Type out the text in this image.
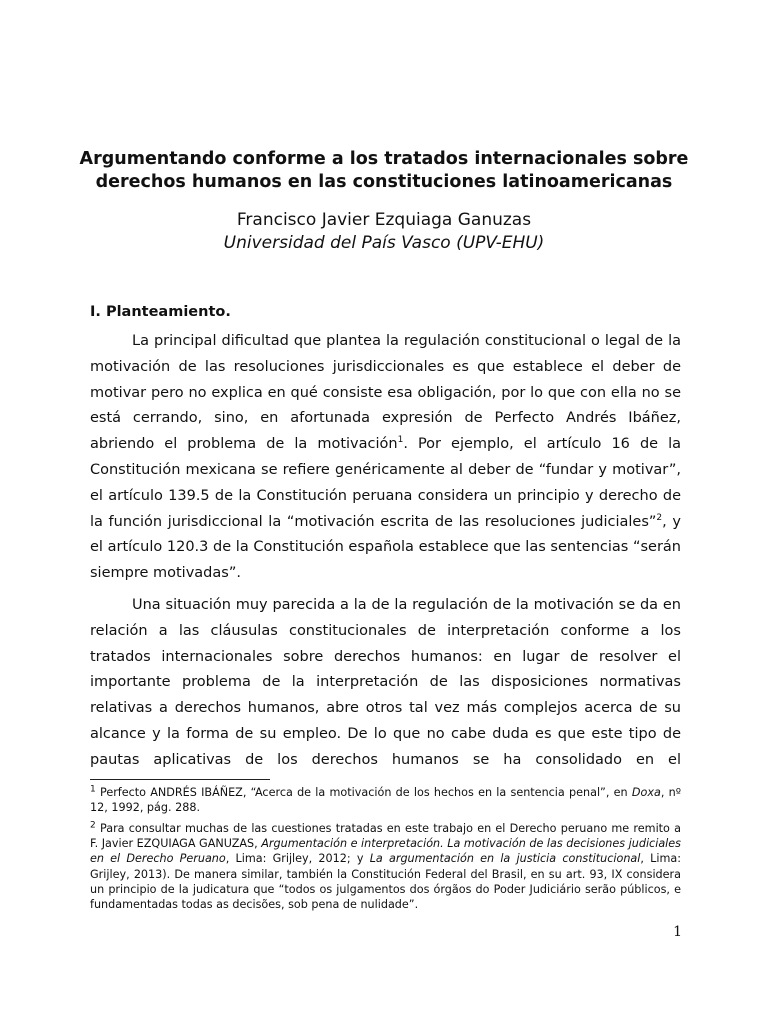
Argumentando conforme a los tratados internacionales sobre
derechos humanos en las constituciones latinoamericanas
Francisco Javier Ezquiaga Ganuzas
Universidad del País Vasco (UPV-EHU)
I. Planteamiento.

La principal dificultad que plantea la regulación constitucional o legal de la motivación de las resoluciones jurisdiccionales es que establece el deber de motivar pero no explica en qué consiste esa obligación, por lo que con ella no se está cerrando, sino, en afortunada expresión de Perfecto Andrés Ibáñez, abriendo el problema de la motivación$^1$. Por ejemplo, el artículo 16 de la Constitución mexicana se refiere genéricamente al deber de “fundar y motivar”, el artículo 139.5 de la Constitución peruana considera un principio y derecho de la función jurisdiccional la “motivación escrita de las resoluciones judiciales”$^2$, y el artículo 120.3 de la Constitución española establece que las sentencias “serán siempre motivadas”.

Una situación muy parecida a la de la regulación de la motivación se da en relación a las cláusulas constitucionales de interpretación conforme a los tratados internacionales sobre derechos humanos: en lugar de resolver el importante problema de la interpretación de las disposiciones normativas relativas a derechos humanos, abre otros tal vez más complejos acerca de su alcance y la forma de su empleo. De lo que no cabe duda es que este tipo de pautas aplicativas de los derechos humanos se ha consolidado en el

$^1$ Perfecto ANDRÉS IBÁÑEZ, “Acerca de la motivación de los hechos en la sentencia penal”, en Doxa, nº 12, 1992, pág. 288.

$^2$ Para consultar muchas de las cuestiones tratadas en este trabajo en el Derecho peruano me remito a F. Javier EZQUIAGA GANUZAS, Argumentación e interpretación. La motivación de las decisiones judiciales en el Derecho Peruano, Lima: Grijley, 2012; y La argumentación en la justicia constitucional, Lima: Grijley, 2013). De manera similar, también la Constitución Federal del Brasil, en su art. 93, IX considera un principio de la judicatura que “todos os julgamentos dos órgãos do Poder Judiciário serão públicos, e fundamentadas todas as decisões, sob pena de nulidade”.

1
